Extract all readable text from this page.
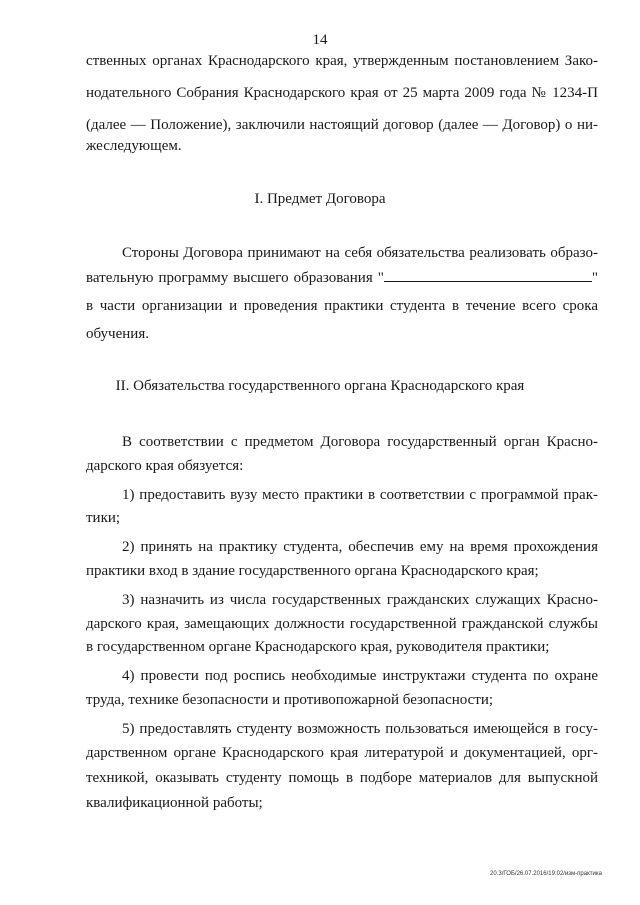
14
ственных органах Краснодарского края, утвержденным постановлением Зако-
нодательного Собрания Краснодарского края от 25 марта 2009 года № 1234-П
(далее — Положение), заключили настоящий договор (далее — Договор) о ни-
жеследующем.
I. Предмет Договора
Стороны Договора принимают на себя обязательства реализовать образо-
вательную программу высшего образования "	"
в части организации и проведения практики студента в течение всего срока
обучения.
II. Обязательства государственного органа Краснодарского края
В соответствии с предметом Договора государственный орган Красно-
дарского края обязуется:
1) предоставить вузу место практики в соответствии с программой прак-
тики;
2) принять на практику студента, обеспечив ему на время прохождения
практики вход в здание государственного органа Краснодарского края;
3) назначить из числа государственных гражданских служащих Красно-
дарского края, замещающих должности государственной гражданской службы
в государственном органе Краснодарского края, руководителя практики;
4) провести под роспись необходимые инструктажи студента по охране
труда, технике безопасности и противопожарной безопасности;
5) предоставлять студенту возможность пользоваться имеющейся в госу-
дарственном органе Краснодарского края литературой и документацией, орг-
техникой, оказывать студенту помощь в подборе материалов для выпускной
квалификационной работы;
20.3/ГОБ/26.07.2016/19:02/изм-практика
